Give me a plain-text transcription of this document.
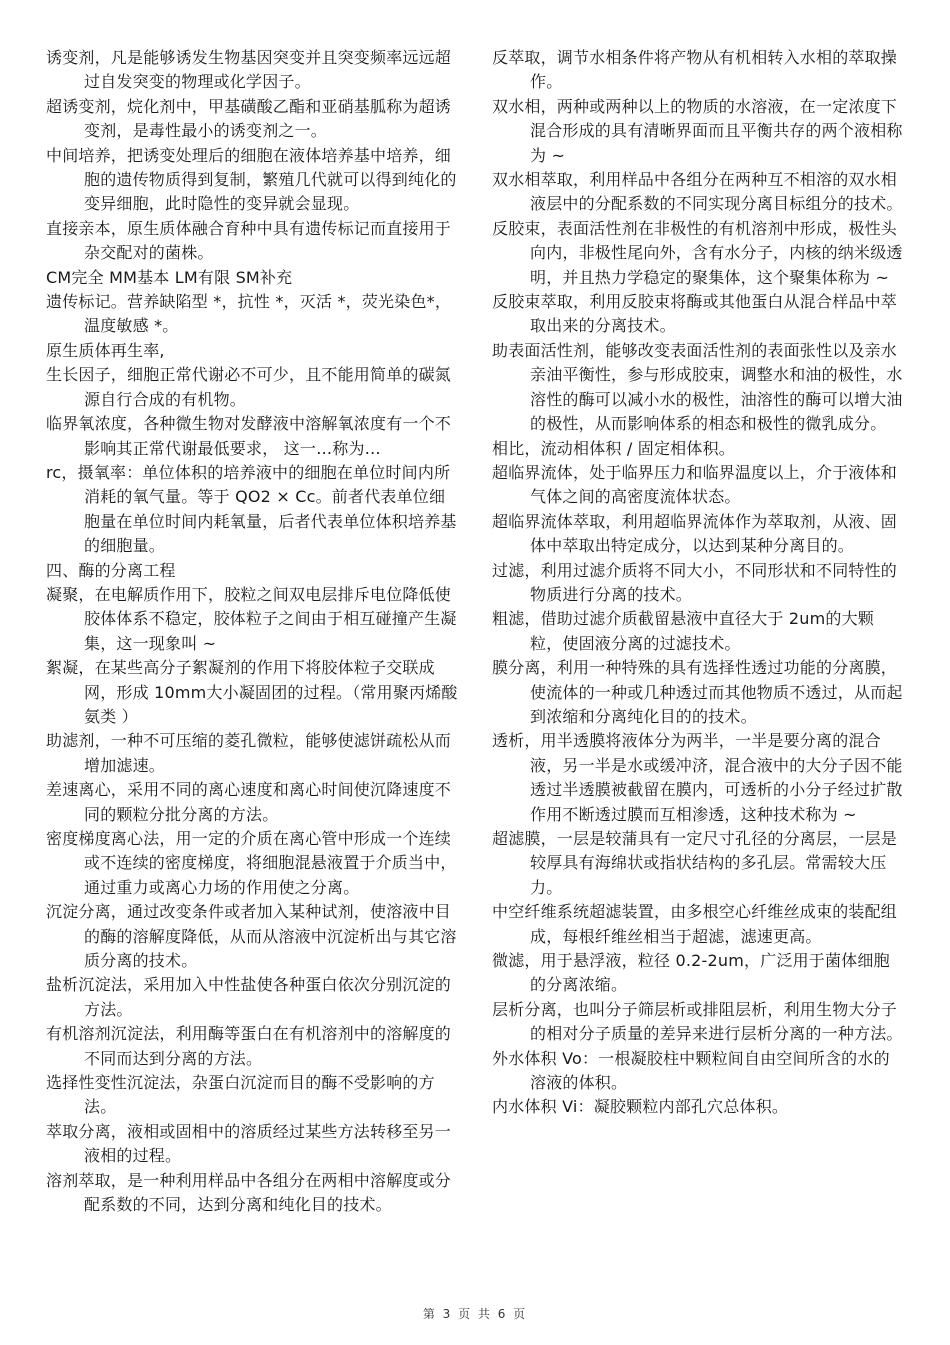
诱变剂，凡是能够诱发生物基因突变并且突变频率远远超过自发突变的物理或化学因子。

超诱变剂，烷化剂中，甲基磺酸乙酯和亚硝基胍称为超诱变剂，是毒性最小的诱变剂之一。

中间培养，把诱变处理后的细胞在液体培养基中培养，细胞的遗传物质得到复制，繁殖几代就可以得到纯化的变异细胞，此时隐性的变异就会显现。

直接亲本，原生质体融合育种中具有遗传标记而直接用于杂交配对的菌株。

CM完全 MM基本 LM有限 SM补充

遗传标记。营养缺陷型 *，抗性 *，灭活 *，荧光染色*，温度敏感 *。

原生质体再生率,

生长因子，细胞正常代谢必不可少，且不能用简单的碳氮源自行合成的有机物。

临界氧浓度，各种微生物对发酵液中溶解氧浓度有一个不影响其正常代谢最低要求， 这一…称为…

rc，摄氧率：单位体积的培养液中的细胞在单位时间内所消耗的氧气量。等于 QO2 × Cc。前者代表单位细胞量在单位时间内耗氧量，后者代表单位体积培养基的细胞量。

四、酶的分离工程

凝聚，在电解质作用下，胶粒之间双电层排斥电位降低使胶体体系不稳定，胶体粒子之间由于相互碰撞产生凝集，这一现象叫 ~

絮凝，在某些高分子絮凝剂的作用下将胶体粒子交联成网，形成 10mm大小凝固团的过程。（常用聚丙烯酸氨类 ）

助滤剂，一种不可压缩的菱孔微粒，能够使滤饼疏松从而增加滤速。

差速离心，采用不同的离心速度和离心时间使沉降速度不同的颗粒分批分离的方法。

密度梯度离心法，用一定的介质在离心管中形成一个连续或不连续的密度梯度，将细胞混悬液置于介质当中，通过重力或离心力场的作用使之分离。

沉淀分离，通过改变条件或者加入某种试剂，使溶液中目的酶的溶解度降低，从而从溶液中沉淀析出与其它溶质分离的技术。

盐析沉淀法，采用加入中性盐使各种蛋白依次分别沉淀的方法。

有机溶剂沉淀法，利用酶等蛋白在有机溶剂中的溶解度的不同而达到分离的方法。

选择性变性沉淀法，杂蛋白沉淀而目的酶不受影响的方法。

萃取分离，液相或固相中的溶质经过某些方法转移至另一液相的过程。

溶剂萃取，是一种利用样品中各组分在两相中溶解度或分配系数的不同，达到分离和纯化目的技术。

反萃取，调节水相条件将产物从有机相转入水相的萃取操作。

双水相，两种或两种以上的物质的水溶液，在一定浓度下混合形成的具有清晰界面而且平衡共存的两个液相称为 ~

双水相萃取，利用样品中各组分在两种互不相溶的双水相液层中的分配系数的不同实现分离目标组分的技术。

反胶束，表面活性剂在非极性的有机溶剂中形成，极性头向内，非极性尾向外，含有水分子，内核的纳米级透明，并且热力学稳定的聚集体，这个聚集体称为 ~

反胶束萃取，利用反胶束将酶或其他蛋白从混合样品中萃取出来的分离技术。

助表面活性剂，能够改变表面活性剂的表面张性以及亲水亲油平衡性，参与形成胶束，调整水和油的极性，水溶性的酶可以减小水的极性，油溶性的酶可以增大油的极性，从而影响体系的相态和极性的微乳成分。

相比，流动相体积 / 固定相体积。

超临界流体，处于临界压力和临界温度以上，介于液体和气体之间的高密度流体状态。

超临界流体萃取，利用超临界流体作为萃取剂，从液、固体中萃取出特定成分，以达到某种分离目的。

过滤，利用过滤介质将不同大小，不同形状和不同特性的物质进行分离的技术。

粗滤，借助过滤介质截留悬液中直径大于 2um的大颗粒，使固液分离的过滤技术。

膜分离，利用一种特殊的具有选择性透过功能的分离膜，使流体的一种或几种透过而其他物质不透过，从而起到浓缩和分离纯化目的的技术。

透析，用半透膜将液体分为两半，一半是要分离的混合液，另一半是水或缓冲济，混合液中的大分子因不能透过半透膜被截留在膜内，可透析的小分子经过扩散作用不断透过膜而互相渗透，这种技术称为 ~

超滤膜，一层是较蒲具有一定尺寸孔径的分离层，一层是较厚具有海绵状或指状结构的多孔层。常需较大压力。

中空纤维系统超滤装置，由多根空心纤维丝成束的装配组成，每根纤维丝相当于超滤，滤速更高。

微滤，用于悬浮液，粒径 0.2-2um，广泛用于菌体细胞的分离浓缩。

层析分离，也叫分子筛层析或排阻层析，利用生物大分子的相对分子质量的差异来进行层析分离的一种方法。

外水体积 Vo：一根凝胶柱中颗粒间自由空间所含的水的溶液的体积。

内水体积 Vi：凝胶颗粒内部孔穴总体积。

第 3 页 共 6 页
